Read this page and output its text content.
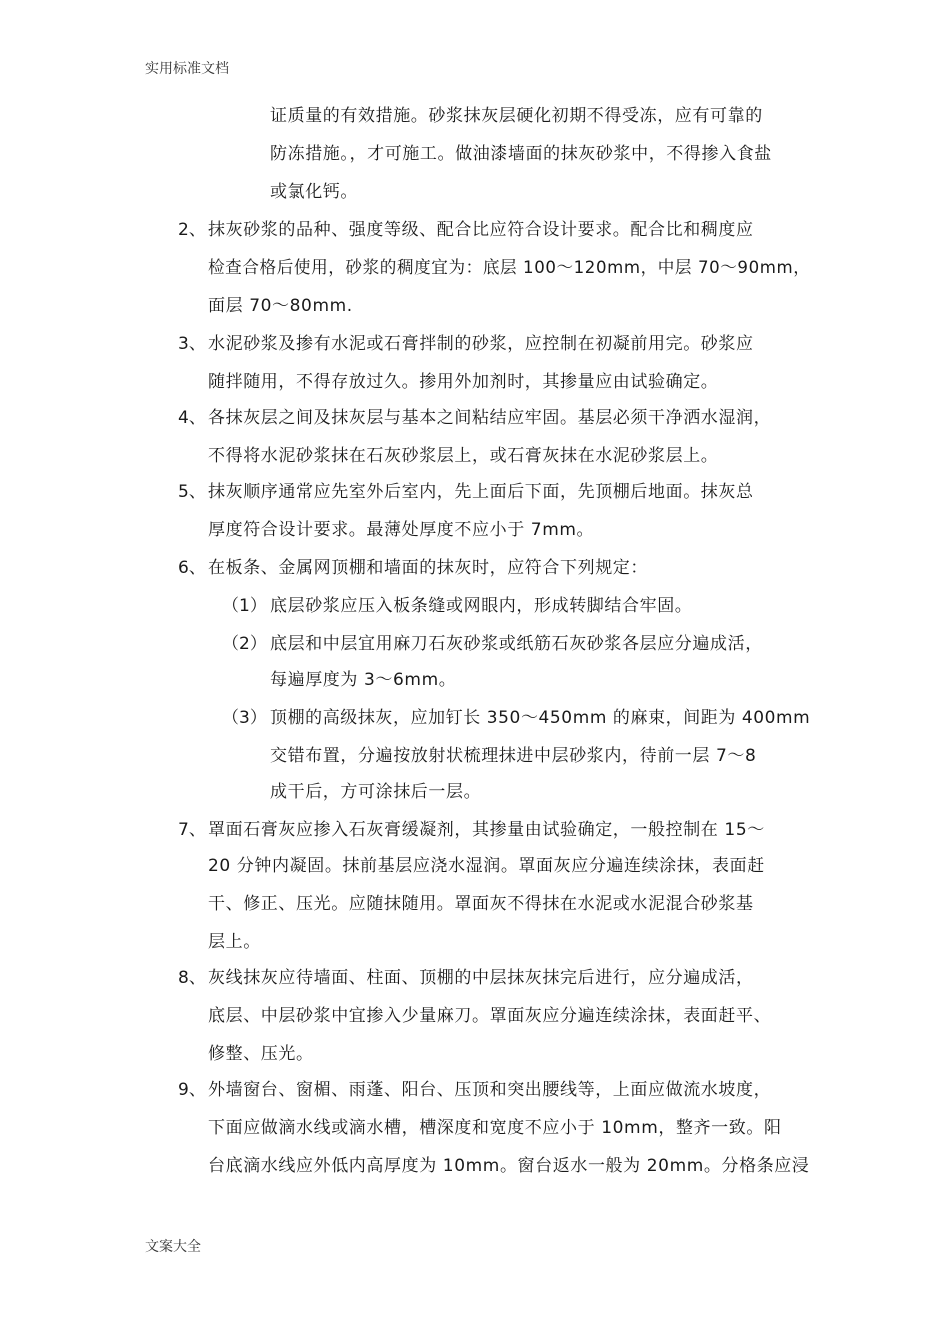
实用标准文档
证质量的有效措施。砂浆抹灰层硬化初期不得受冻，应有可靠的
防冻措施。，才可施工。做油漆墙面的抹灰砂浆中，不得掺入食盐
或氯化钙。
2、 抹灰砂浆的品种、强度等级、配合比应符合设计要求。配合比和稠度应
检查合格后使用，砂浆的稠度宜为：底层 100～120mm，中层 70～90mm，
面层 70～80mm.
3、 水泥砂浆及掺有水泥或石膏拌制的砂浆，应控制在初凝前用完。砂浆应
随拌随用，不得存放过久。掺用外加剂时，其掺量应由试验确定。
4、 各抹灰层之间及抹灰层与基本之间粘结应牢固。基层必须干净洒水湿润，
不得将水泥砂浆抹在石灰砂浆层上，或石膏灰抹在水泥砂浆层上。
5、 抹灰顺序通常应先室外后室内，先上面后下面，先顶棚后地面。抹灰总
厚度符合设计要求。最薄处厚度不应小于 7mm。
6、 在板条、金属网顶棚和墙面的抹灰时，应符合下列规定：
（1） 底层砂浆应压入板条缝或网眼内，形成转脚结合牢固。
（2） 底层和中层宜用麻刀石灰砂浆或纸筋石灰砂浆各层应分遍成活，
每遍厚度为 3～6mm。
（3） 顶棚的高级抹灰，应加钉长 350～450mm 的麻束，间距为 400mm
交错布置，分遍按放射状梳理抹进中层砂浆内，待前一层 7～8
成干后，方可涂抹后一层。
7、 罩面石膏灰应掺入石灰膏缓凝剂，其掺量由试验确定，一般控制在 15～
20 分钟内凝固。抹前基层应浇水湿润。罩面灰应分遍连续涂抹，表面赶
干、修正、压光。应随抹随用。罩面灰不得抹在水泥或水泥混合砂浆基
层上。
8、 灰线抹灰应待墙面、柱面、顶棚的中层抹灰抹完后进行，应分遍成活，
底层、中层砂浆中宜掺入少量麻刀。罩面灰应分遍连续涂抹，表面赶平、
修整、压光。
9、 外墙窗台、窗楣、雨蓬、阳台、压顶和突出腰线等，上面应做流水坡度，
下面应做滴水线或滴水槽，槽深度和宽度不应小于 10mm，整齐一致。阳
台底滴水线应外低内高厚度为 10mm。窗台返水一般为 20mm。分格条应浸
文案大全
